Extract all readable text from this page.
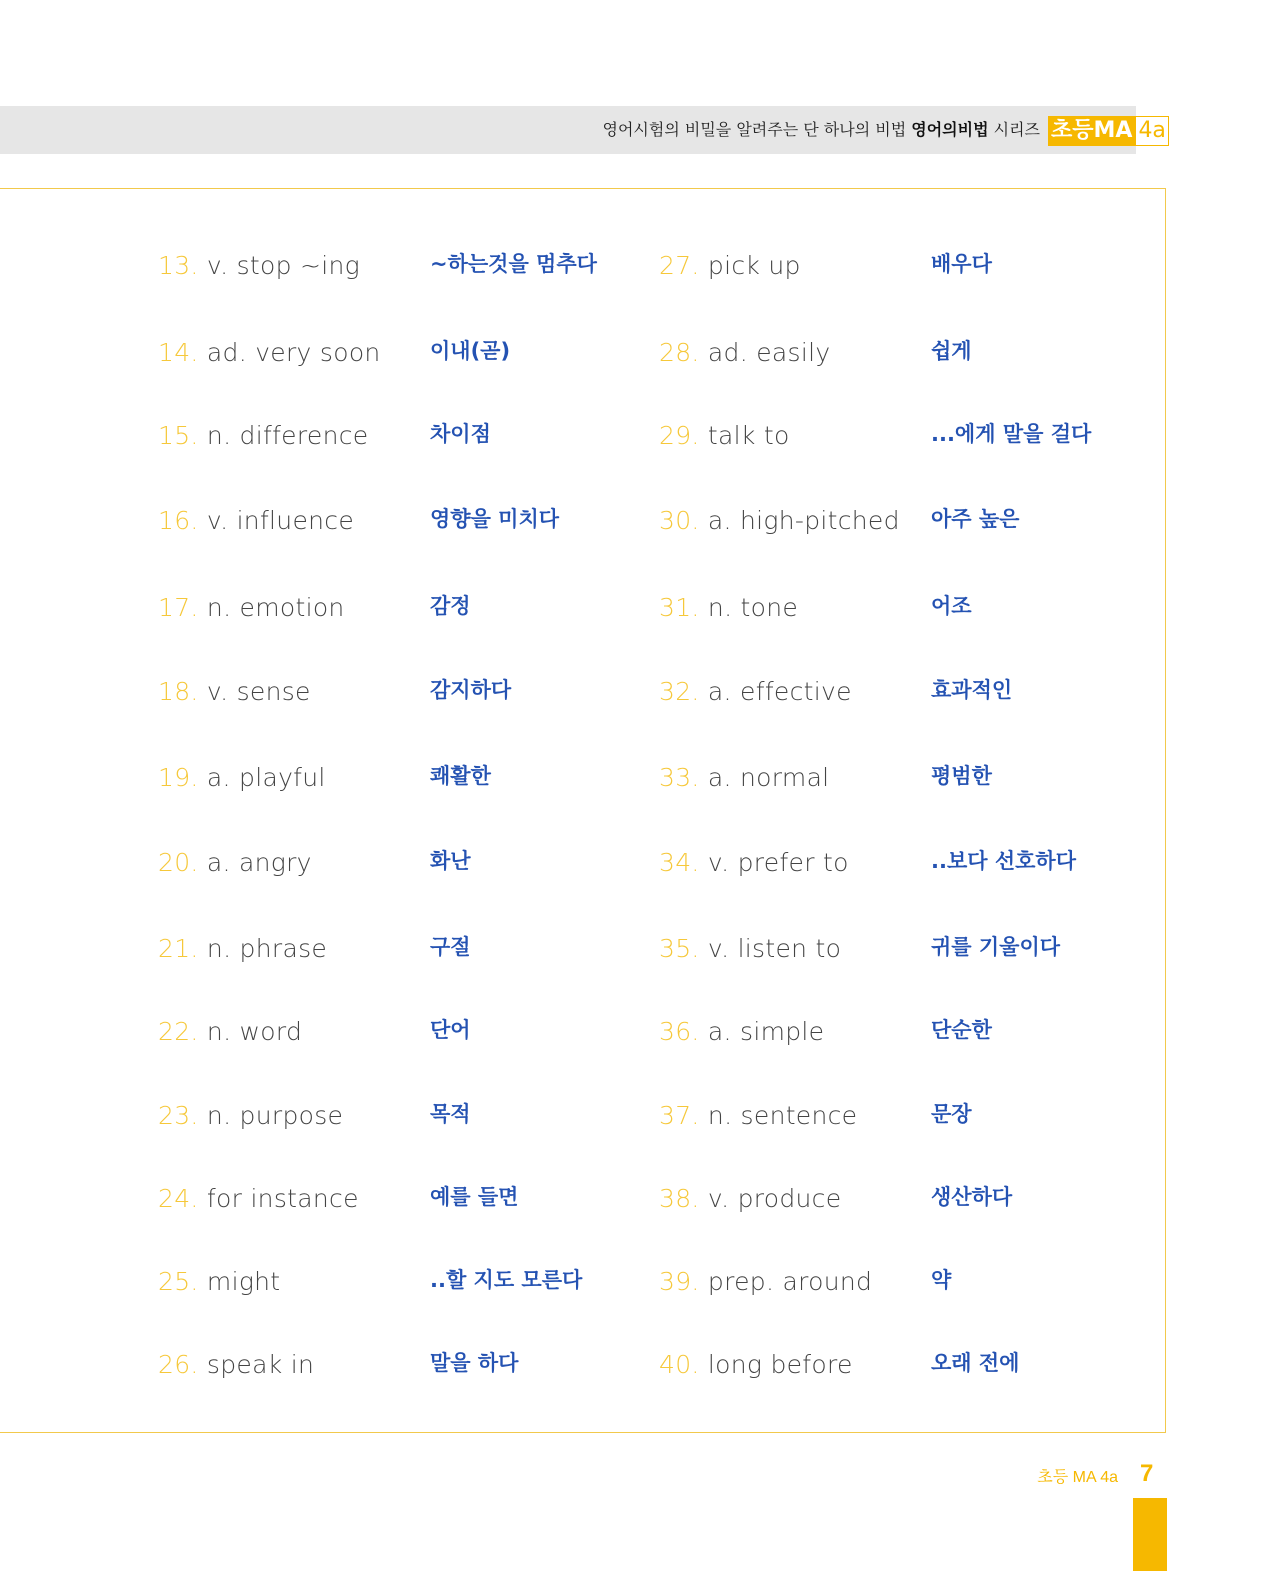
영어시험의 비밀을 알려주는 단 하나의 비법 영어의비법 시리즈 초등MA 4a
13. v. stop ~ing	~하는것을 멈추다
14. ad. very soon 이내(곧)
15. n. difference	차이점
16. v. influence	영향을 미치다
17. n. emotion	감정
18. v. sense	감지하다
19. a. playful	쾌활한
20. a. angry	화난
21. n. phrase	구절
22. n. word	단어
23. n. purpose	목적
24. for instance	예를 들면
25. might	..할 지도 모른다
26. speak in	말을 하다
27. pick up	배우다
28. ad. easily	쉽게
29. talk to	...에게 말을 걸다
30. a. high-pitched 아주 높은
31. n. tone	어조
32. a. effective	효과적인
33. a. normal	평범한
34. v. prefer to	..보다 선호하다
35. v. listen to	귀를 기울이다
36. a. simple	단순한
37. n. sentence	문장
38. v. produce	생산하다
39. prep. around	약
40. long before	오래 전에
초등 MA 4a 7
